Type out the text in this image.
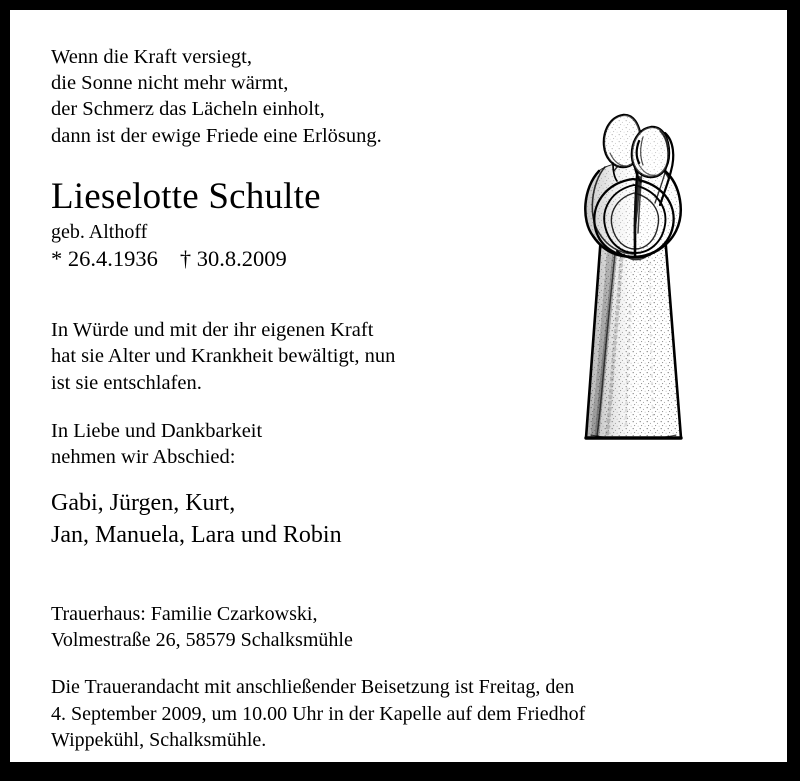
Wenn die Kraft versiegt,
die Sonne nicht mehr wärmt,
der Schmerz das Lächeln einholt,
dann ist der ewige Friede eine Erlösung.
Lieselotte Schulte
geb. Althoff
* 26.4.1936 † 30.8.2009
In Würde und mit der ihr eigenen Kraft
hat sie Alter und Krankheit bewältigt, nun
ist sie entschlafen.
In Liebe und Dankbarkeit
nehmen wir Abschied:
Gabi, Jürgen, Kurt,
Jan, Manuela, Lara und Robin
Trauerhaus: Familie Czarkowski,
Volmestraße 26, 58579 Schalksmühle
Die Trauerandacht mit anschließender Beisetzung ist Freitag, den
4. September 2009, um 10.00 Uhr in der Kapelle auf dem Friedhof
Wippekühl, Schalksmühle.
